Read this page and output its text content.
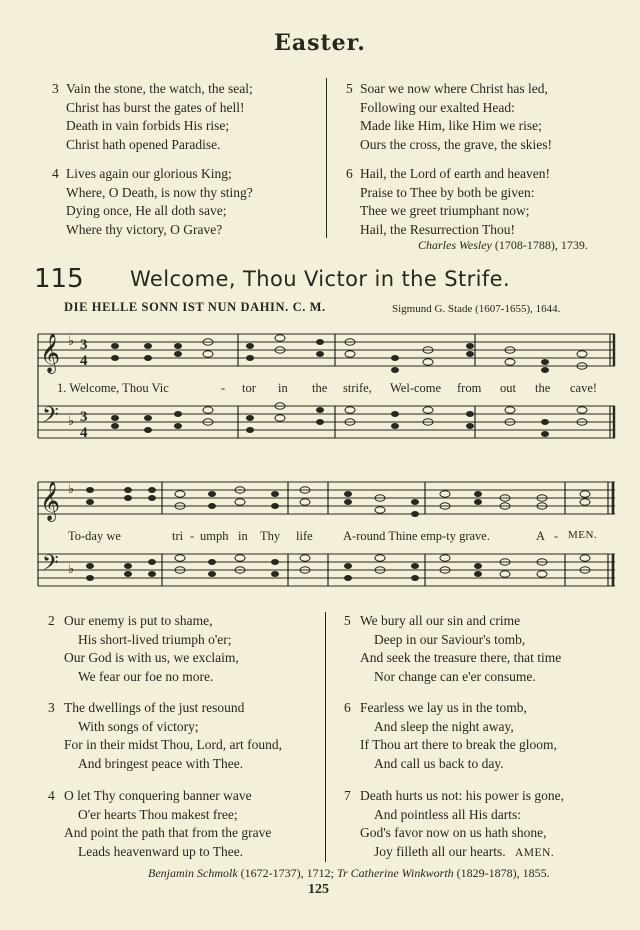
Easter.
3 Vain the stone, the watch, the seal;
Christ has burst the gates of hell!
Death in vain forbids His rise;
Christ hath opened Paradise.
4 Lives again our glorious King;
Where, O Death, is now thy sting?
Dying once, He all doth save;
Where thy victory, O Grave?
5 Soar we now where Christ has led,
Following our exalted Head:
Made like Him, like Him we rise;
Ours the cross, the grave, the skies!
6 Hail, the Lord of earth and heaven!
Praise to Thee by both be given:
Thee we greet triumphant now;
Hail, the Resurrection Thou!
Charles Wesley (1708-1788), 1739.
115 Welcome, Thou Victor in the Strife.
DIE HELLE SONN IST NUN DAHIN. C. M.	Sigmund G. Stade (1607-1655), 1644.
𝄞
𝄢
♭
♭
3
4
3
4
𝄞
𝄢
♭
♭
1. Welcome, Thou Vic	- tor in the strife, Wel-come from out the cave!
To-day we	tri - umph in Thy life A-round Thine emp-ty grave.	A - MEN.
2 Our enemy is put to shame,
His short-lived triumph o'er;
Our God is with us, we exclaim,
We fear our foe no more.
3 The dwellings of the just resound
With songs of victory;
For in their midst Thou, Lord, art found,
And bringest peace with Thee.
4 O let Thy conquering banner wave
O'er hearts Thou makest free;
And point the path that from the grave
Leads heavenward up to Thee.
5 We bury all our sin and crime
Deep in our Saviour's tomb,
And seek the treasure there, that time
Nor change can e'er consume.
6 Fearless we lay us in the tomb,
And sleep the night away,
If Thou art there to break the gloom,
And call us back to day.
7 Death hurts us not: his power is gone,
And pointless all His darts:
God's favor now on us hath shone,
Joy filleth all our hearts. AMEN.
Benjamin Schmolk (1672-1737), 1712; Tr Catherine Winkworth (1829-1878), 1855.
125
